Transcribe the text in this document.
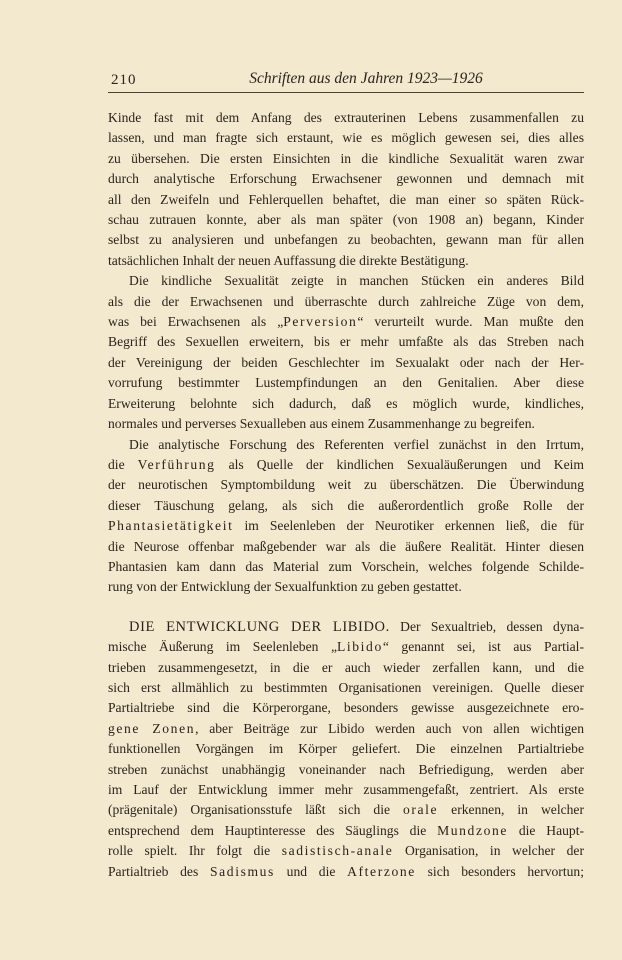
210	Schriften aus den Jahren 1923—1926
Kinde fast mit dem Anfang des extrauterinen Lebens zusammenfallen zu
lassen, und man fragte sich erstaunt, wie es möglich gewesen sei, dies alles
zu übersehen. Die ersten Einsichten in die kindliche Sexualität waren zwar
durch analytische Erforschung Erwachsener gewonnen und demnach mit
all den Zweifeln und Fehlerquellen behaftet, die man einer so späten Rück-
schau zutrauen konnte, aber als man später (von 1908 an) begann, Kinder
selbst zu analysieren und unbefangen zu beobachten, gewann man für allen
tatsächlichen Inhalt der neuen Auffassung die direkte Bestätigung.
Die kindliche Sexualität zeigte in manchen Stücken ein anderes Bild
als die der Erwachsenen und überraschte durch zahlreiche Züge von dem,
was bei Erwachsenen als „Perversion“ verurteilt wurde. Man mußte den
Begriff des Sexuellen erweitern, bis er mehr umfaßte als das Streben nach
der Vereinigung der beiden Geschlechter im Sexualakt oder nach der Her-
vorrufung bestimmter Lustempfindungen an den Genitalien. Aber diese
Erweiterung belohnte sich dadurch, daß es möglich wurde, kindliches,
normales und perverses Sexualleben aus einem Zusammenhange zu begreifen.
Die analytische Forschung des Referenten verfiel zunächst in den Irrtum,
die Verführung als Quelle der kindlichen Sexualäußerungen und Keim
der neurotischen Symptombildung weit zu überschätzen. Die Überwindung
dieser Täuschung gelang, als sich die außerordentlich große Rolle der
Phantasietätigkeit im Seelenleben der Neurotiker erkennen ließ, die für
die Neurose offenbar maßgebender war als die äußere Realität. Hinter diesen
Phantasien kam dann das Material zum Vorschein, welches folgende Schilde-
rung von der Entwicklung der Sexualfunktion zu geben gestattet.
DIE ENTWICKLUNG DER LIBIDO. Der Sexualtrieb, dessen dyna-
mische Äußerung im Seelenleben „Libido“ genannt sei, ist aus Partial-
trieben zusammengesetzt, in die er auch wieder zerfallen kann, und die
sich erst allmählich zu bestimmten Organisationen vereinigen. Quelle dieser
Partialtriebe sind die Körperorgane, besonders gewisse ausgezeichnete ero-
gene Zonen, aber Beiträge zur Libido werden auch von allen wichtigen
funktionellen Vorgängen im Körper geliefert. Die einzelnen Partialtriebe
streben zunächst unabhängig voneinander nach Befriedigung, werden aber
im Lauf der Entwicklung immer mehr zusammengefaßt, zentriert. Als erste
(prägenitale) Organisationsstufe läßt sich die orale erkennen, in welcher
entsprechend dem Hauptinteresse des Säuglings die Mundzone die Haupt-
rolle spielt. Ihr folgt die sadistisch-anale Organisation, in welcher der
Partialtrieb des Sadismus und die Afterzone sich besonders hervortun;
